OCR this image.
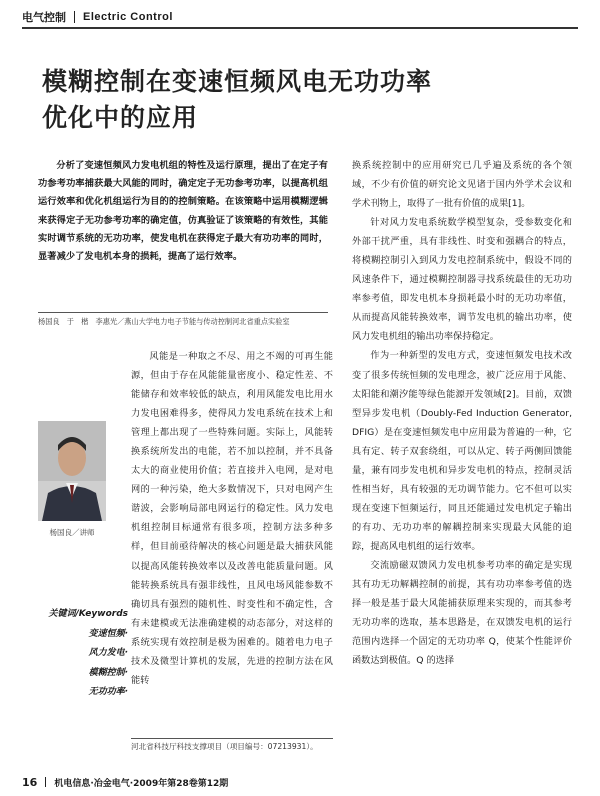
电气控制 Electric Control
模糊控制在变速恒频风电无功功率
优化中的应用

分析了变速恒频风力发电机组的特性及运行原理，提出了在定子有功参考功率捕获最大风能的同时，确定定子无功参考功率，以提高机组运行效率和优化机组运行为目的的控制策略。在该策略中运用模糊逻辑来获得定子无功参考功率的确定值，仿真验证了该策略的有效性，其能实时调节系统的无功功率，使发电机在获得定子最大有功功率的同时，显著减少了发电机本身的损耗，提高了运行效率。

杨国良　于　楷　李惠光／燕山大学电力电子节能与传动控制河北省重点实验室

杨国良／讲师
关键词/Keywords
变速恒频·
风力发电·
模糊控制·
无功功率·

风能是一种取之不尽、用之不竭的可再生能源，但由于存在风能能量密度小、稳定性差、不能储存和效率较低的缺点，利用风能发电比用水力发电困难得多，使得风力发电系统在技术上和管理上都出现了一些特殊问题。实际上，风能转换系统所发出的电能，若不加以控制，并不具备太大的商业使用价值；若直接并入电网，是对电网的一种污染，绝大多数情况下，只对电网产生谐波，会影响局部电网运行的稳定性。风力发电机组控制目标通常有很多项，控制方法多种多样，但目前亟待解决的核心问题是最大捕获风能以提高风能转换效率以及改善电能质量问题。风能转换系统具有强非线性，且风电场风能参数不确切具有强烈的随机性、时变性和不确定性，含有未建模或无法准确建模的动态部分，对这样的系统实现有效控制是极为困难的。随着电力电子技术及微型计算机的发展，先进的控制方法在风能转

河北省科技厅科技支撑项目（项目编号：07213931）。

换系统控制中的应用研究已几乎遍及系统的各个领域，不少有价值的研究论文见诸于国内外学术会议和学术刊物上，取得了一批有价值的成果[1]。

针对风力发电系统数学模型复杂，受参数变化和外部干扰严重，具有非线性、时变和强耦合的特点，将模糊控制引入到风力发电控制系统中，假设不同的风速条件下，通过模糊控制器寻找系统最佳的无功功率参考值，即发电机本身损耗最小时的无功功率值，从而提高风能转换效率，调节发电机的输出功率，使风力发电机组的输出功率保持稳定。

作为一种新型的发电方式，变速恒频发电技术改变了很多传统恒频的发电理念，被广泛应用于风能、太阳能和潮汐能等绿色能源开发领域[2]。目前，双馈型异步发电机（Doubly-Fed Induction Generator, DFIG）是在变速恒频发电中应用最为普遍的一种，它具有定、转子双套绕组，可以从定、转子两侧回馈能量，兼有同步发电机和异步发电机的特点，控制灵活性相当好，具有较强的无功调节能力。它不但可以实现在变速下恒频运行，同且还能通过发电机定子输出的有功、无功功率的解耦控制来实现最大风能的追踪，提高风电机组的运行效率。

交流励磁双馈风力发电机参考功率的确定是实现其有功无功解耦控制的前提，其有功功率参考值的选择一般是基于最大风能捕获原理来实现的，而其参考无功功率的选取，基本思路是，在双馈发电机的运行范围内选择一个固定的无功功率 Q，使某个性能评价函数达到极值。Q 的选择

16 机电信息·冶金电气·2009年第28卷第12期
